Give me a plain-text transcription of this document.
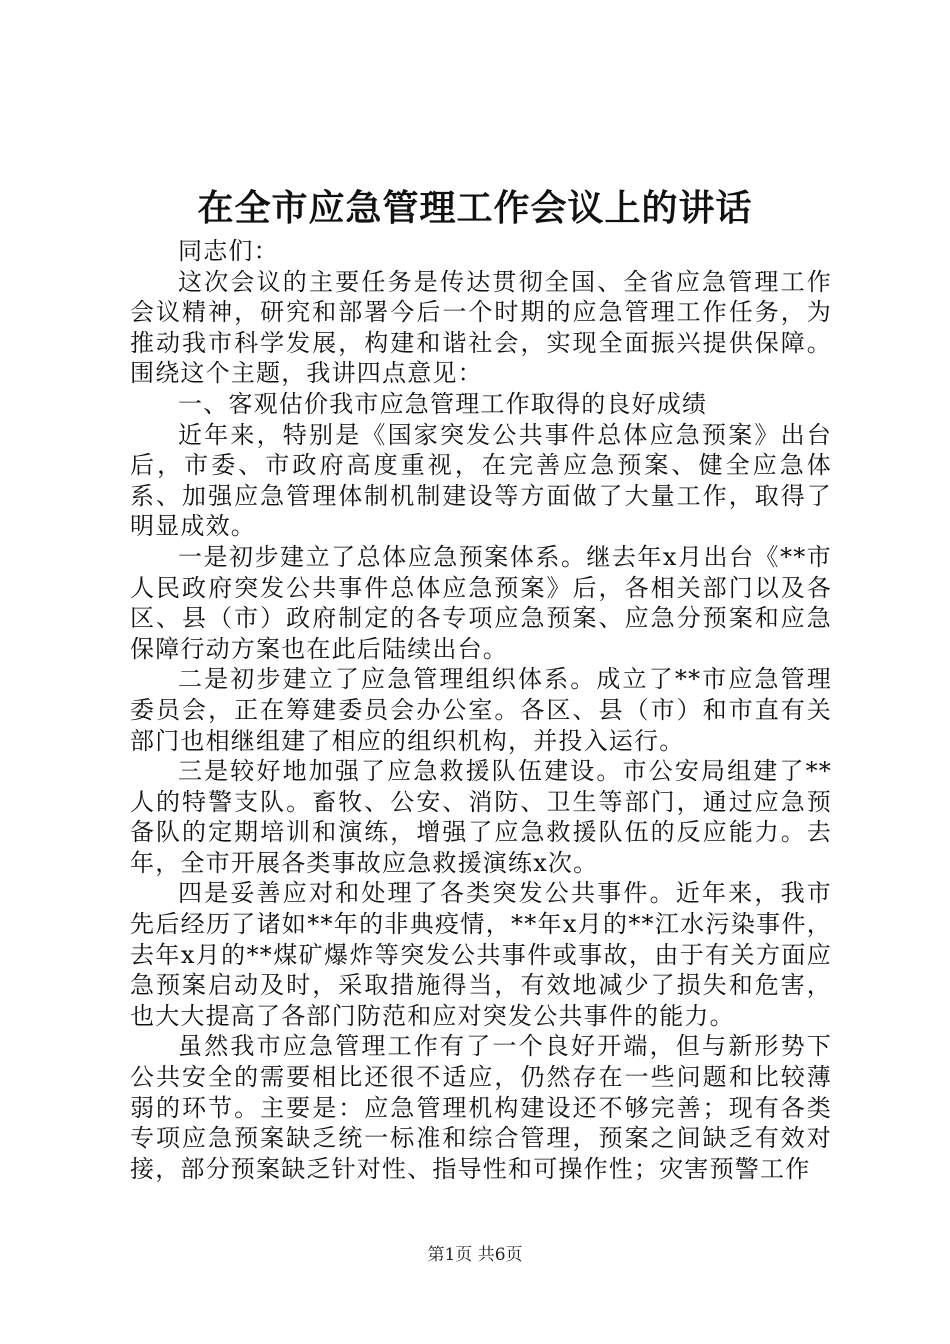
在全市应急管理工作会议上的讲话

同志们：

这次会议的主要任务是传达贯彻全国、全省应急管理工作会议精神，研究和部署今后一个时期的应急管理工作任务，为推动我市科学发展，构建和谐社会，实现全面振兴提供保障。围绕这个主题，我讲四点意见：

一、客观估价我市应急管理工作取得的良好成绩

近年来，特别是《国家突发公共事件总体应急预案》出台后，市委、市政府高度重视，在完善应急预案、健全应急体系、加强应急管理体制机制建设等方面做了大量工作，取得了明显成效。

一是初步建立了总体应急预案体系。继去年x月出台《**市人民政府突发公共事件总体应急预案》后，各相关部门以及各区、县（市）政府制定的各专项应急预案、应急分预案和应急保障行动方案也在此后陆续出台。

二是初步建立了应急管理组织体系。成立了**市应急管理委员会，正在筹建委员会办公室。各区、县（市）和市直有关部门也相继组建了相应的组织机构，并投入运行。

三是较好地加强了应急救援队伍建设。市公安局组建了**人的特警支队。畜牧、公安、消防、卫生等部门，通过应急预备队的定期培训和演练，增强了应急救援队伍的反应能力。去年，全市开展各类事故应急救援演练x次。

四是妥善应对和处理了各类突发公共事件。近年来，我市先后经历了诸如**年的非典疫情，**年x月的**江水污染事件，去年x月的**煤矿爆炸等突发公共事件或事故，由于有关方面应急预案启动及时，采取措施得当，有效地减少了损失和危害，也大大提高了各部门防范和应对突发公共事件的能力。

虽然我市应急管理工作有了一个良好开端，但与新形势下公共安全的需要相比还很不适应，仍然存在一些问题和比较薄弱的环节。主要是：应急管理机构建设还不够完善；现有各类专项应急预案缺乏统一标准和综合管理，预案之间缺乏有效对接，部分预案缺乏针对性、指导性和可操作性；灾害预警工作

第1页 共6页
